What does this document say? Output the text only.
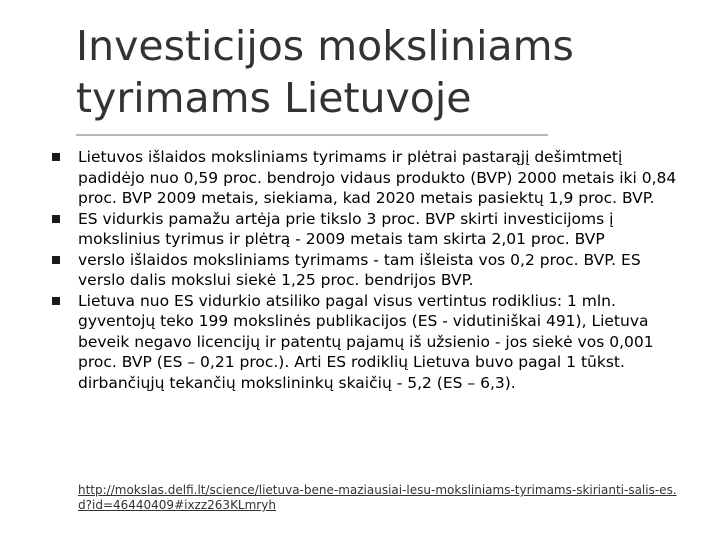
Investicijos moksliniams
tyrimams Lietuvoje
Lietuvos išlaidos moksliniams tyrimams ir plėtrai pastarąjį dešimtmetį padidėjo nuo 0,59 proc. bendrojo vidaus produkto (BVP) 2000 metais iki 0,84 proc. BVP 2009 metais, siekiama, kad 2020 metais pasiektų 1,9 proc. BVP.
ES vidurkis pamažu artėja prie tikslo 3 proc. BVP skirti investicijoms į mokslinius tyrimus ir plėtrą - 2009 metais tam skirta 2,01 proc. BVP
verslo išlaidos moksliniams tyrimams - tam išleista vos 0,2 proc. BVP. ES verslo dalis mokslui siekė 1,25 proc. bendrijos BVP.
Lietuva nuo ES vidurkio atsiliko pagal visus vertintus rodiklius: 1 mln. gyventojų teko 199 mokslinės publikacijos (ES - vidutiniškai 491), Lietuva beveik negavo licencijų ir patentų pajamų iš užsienio - jos siekė vos 0,001 proc. BVP (ES – 0,21 proc.). Arti ES rodiklių Lietuva buvo pagal 1 tūkst. dirbančiųjų tekančių mokslininkų skaičių - 5,2 (ES – 6,3).
http://mokslas.delfi.lt/science/lietuva-bene-maziausiai-lesu-moksliniams-tyrimams-skirianti-salis-es.d?id=46440409#ixzz263KLmryh
